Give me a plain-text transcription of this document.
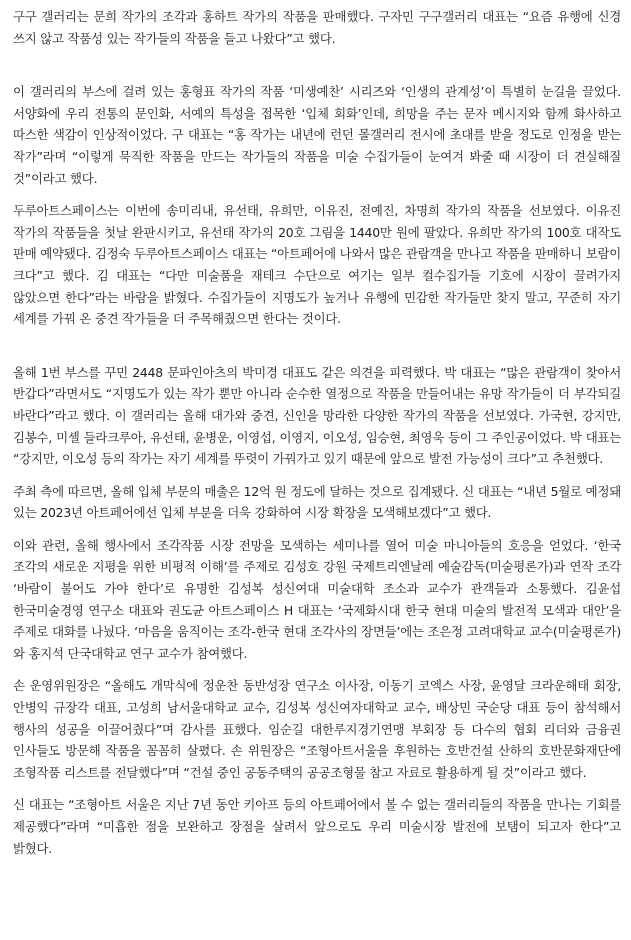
구구 갤러리는 문희 작가의 조각과 홍하트 작가의 작품을 판매했다. 구자민 구구갤러리 대표는 “요즘 유행에 신경 쓰지 않고 작품성 있는 작가들의 작품을 들고 나왔다”고 했다.

이 갤러리의 부스에 걸려 있는 홍형표 작가의 작품 ‘미생예찬’ 시리즈와 ‘인생의 관계성’이 특별히 눈길을 끌었다. 서양화에 우리 전통의 문인화, 서예의 특성을 접목한 ‘입체 회화’인데, 희망을 주는 문자 메시지와 함께 화사하고 따스한 색감이 인상적이었다. 구 대표는 “홍 작가는 내년에 런던 몰갤러리 전시에 초대를 받을 정도로 인정을 받는 작가”라며 “이렇게 묵직한 작품을 만드는 작가들의 작품을 미술 수집가들이 눈여겨 봐줄 때 시장이 더 견실해질 것”이라고 했다.

두루아트스페이스는 이번에 송미리내, 유선태, 유희만, 이유진, 전예진, 차명희 작가의 작품을 선보였다. 이유진 작가의 작품들을 첫날 완판시키고, 유선태 작가의 20호 그림을 1440만 원에 팔았다. 유희만 작가의 100호 대작도 판매 예약됐다. 김정숙 두루아트스페이스 대표는 “아트페어에 나와서 많은 관람객을 만나고 작품을 판매하니 보람이 크다”고 했다. 김 대표는 “다만 미술품을 재테크 수단으로 여기는 일부 컬수집가들 기호에 시장이 끌려가지 않았으면 한다”라는 바람을 밝혔다. 수집가들이 지명도가 높거나 유행에 민감한 작가들만 찾지 말고, 꾸준히 자기 세계를 가꿔 온 중견 작가들을 더 주목해줬으면 한다는 것이다.

올해 1번 부스를 꾸민 2448 문파인아츠의 박미경 대표도 같은 의견을 피력했다. 박 대표는 “많은 관람객이 찾아서 반갑다”라면서도 “지명도가 있는 작가 뿐만 아니라 순수한 열정으로 작품을 만들어내는 유망 작가들이 더 부각되길 바란다”라고 했다. 이 갤러리는 올해 대가와 중견, 신인을 망라한 다양한 작가의 작품을 선보였다. 가국현, 강지만, 김봉수, 미셸 들라크루아, 유선태, 윤병운, 이영섭, 이영지, 이오성, 임승현, 최영욱 등이 그 주인공이었다. 박 대표는 “강지만, 이오성 등의 작가는 자기 세계를 뚜렷이 가꿔가고 있기 때문에 앞으로 발전 가능성이 크다”고 추천했다.

주최 측에 따르면, 올해 입체 부문의 매출은 12억 원 정도에 달하는 것으로 집계됐다. 신 대표는 “내년 5월로 예정돼 있는 2023년 아트페어에선 입체 부분을 더욱 강화하여 시장 확장을 모색해보겠다”고 했다.

이와 관련, 올해 행사에서 조각작품 시장 전망을 모색하는 세미나를 열어 미술 마니아들의 호응을 얻었다. ‘한국 조각의 새로운 지평을 위한 비평적 이해’를 주제로 김성호 강원 국제트리엔날레 예술감독(미술평론가)과 연작 조각 ‘바람이 불어도 가야 한다’로 유명한 김성복 성신여대 미술대학 조소과 교수가 관객들과 소통했다. 김윤섭 한국미술경영 연구소 대표와 권도균 아트스페이스 H 대표는 ‘국제화시대 한국 현대 미술의 발전적 모색과 대안’을 주제로 대화를 나눴다. ‘마음을 움직이는 조각-한국 현대 조각사의 장면들’에는 조은정 고려대학교 교수(미술평론가)와 홍지석 단국대학교 연구 교수가 참여했다.

손 운영위원장은 “올해도 개막식에 정운찬 동반성장 연구소 이사장, 이동기 코엑스 사장, 윤영달 크라운해태 회장, 안병익 규장각 대표, 고성희 남서울대학교 교수, 김성복 성신여자대학교 교수, 배상민 국순당 대표 등이 참석해서 행사의 성공을 이끌어줬다”며 감사를 표했다. 임순길 대한루지경기연맹 부회장 등 다수의 협회 리더와 금융권 인사들도 방문해 작품을 꼼꼼히 살폈다. 손 위원장은 “조형아트서울을 후원하는 호반건설 산하의 호반문화재단에 조형작품 리스트를 전달했다”며 “건설 중인 공동주택의 공공조형물 참고 자료로 활용하게 될 것”이라고 했다.

신 대표는 “조형아트 서울은 지난 7년 동안 키아프 등의 아트페어에서 볼 수 없는 갤러리들의 작품을 만나는 기회를 제공했다”라며 “미흡한 점을 보완하고 장점을 살려서 앞으로도 우리 미술시장 발전에 보탬이 되고자 한다”고 밝혔다.
